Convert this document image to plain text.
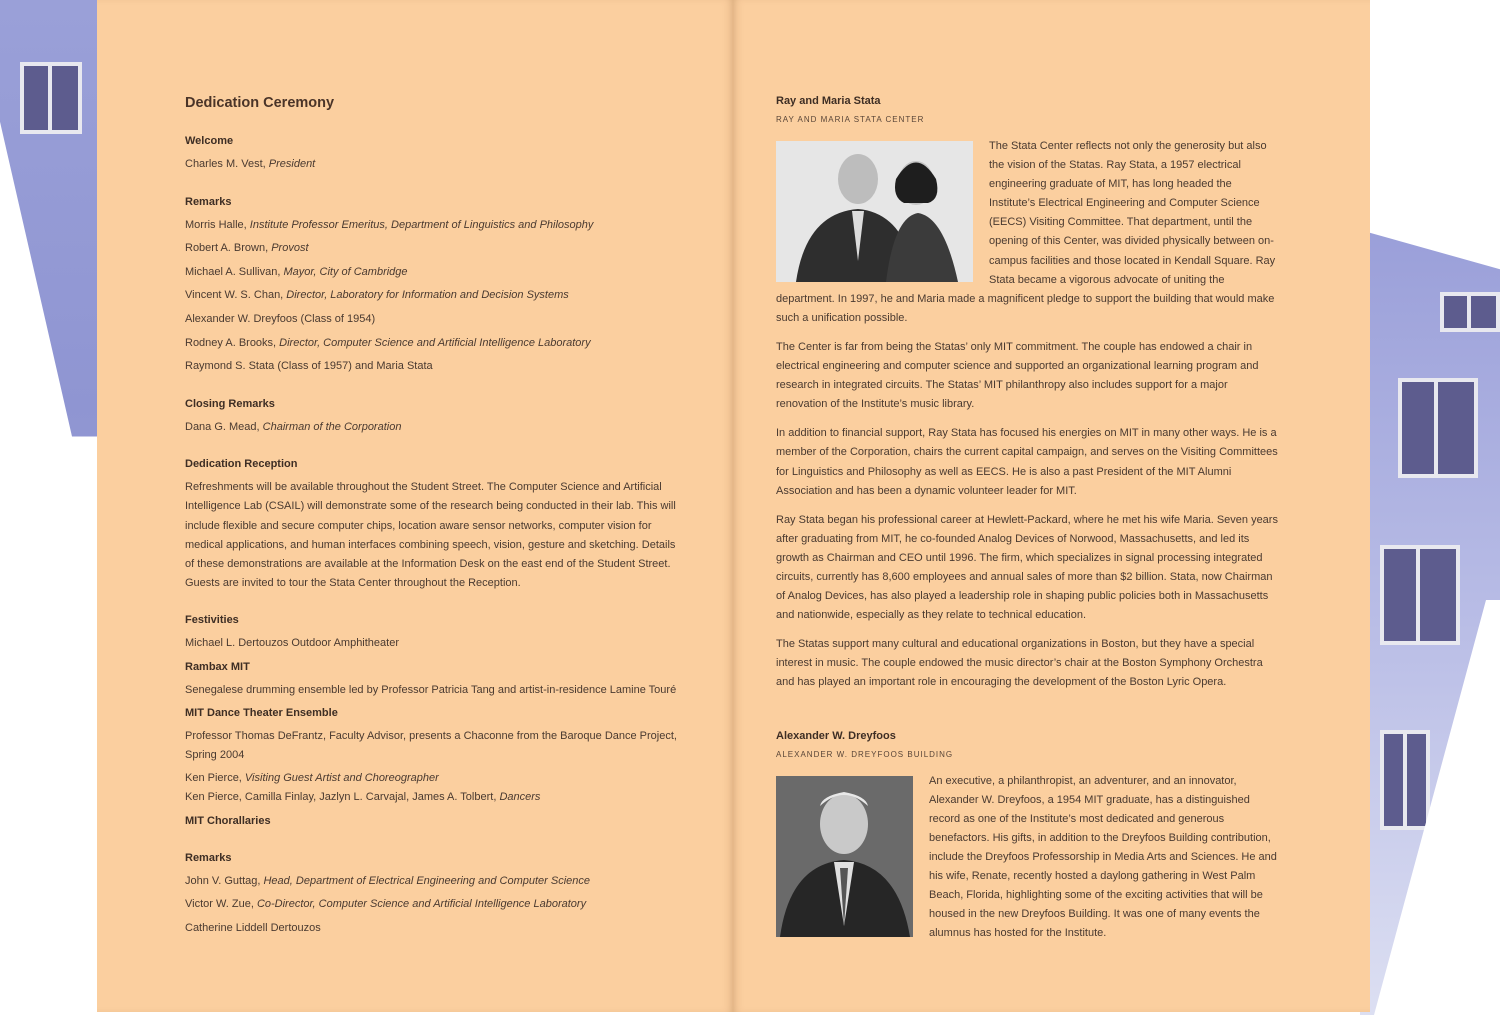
Dedication Ceremony
Welcome
Charles M. Vest, President
Remarks
Morris Halle, Institute Professor Emeritus, Department of Linguistics and Philosophy
Robert A. Brown, Provost
Michael A. Sullivan, Mayor, City of Cambridge
Vincent W. S. Chan, Director, Laboratory for Information and Decision Systems
Alexander W. Dreyfoos (Class of 1954)
Rodney A. Brooks, Director, Computer Science and Artificial Intelligence Laboratory
Raymond S. Stata (Class of 1957) and Maria Stata
Closing Remarks
Dana G. Mead, Chairman of the Corporation
Dedication Reception

Refreshments will be available throughout the Student Street. The Computer Science and Artificial Intelligence Lab (CSAIL) will demonstrate some of the research being conducted in their lab. This will include flexible and secure computer chips, location aware sensor networks, computer vision for medical applications, and human interfaces combining speech, vision, gesture and sketching. Details of these demonstrations are available at the Information Desk on the east end of the Student Street. Guests are invited to tour the Stata Center throughout the Reception.

Festivities
Michael L. Dertouzos Outdoor Amphitheater
Rambax MIT
Senegalese drumming ensemble led by Professor Patricia Tang and artist-in-residence Lamine Touré
MIT Dance Theater Ensemble
Professor Thomas DeFrantz, Faculty Advisor, presents a Chaconne from the Baroque Dance Project, Spring 2004
Ken Pierce, Visiting Guest Artist and Choreographer
Ken Pierce, Camilla Finlay, Jazlyn L. Carvajal, James A. Tolbert, Dancers
MIT Chorallaries
Remarks
John V. Guttag, Head, Department of Electrical Engineering and Computer Science
Victor W. Zue, Co-Director, Computer Science and Artificial Intelligence Laboratory
Catherine Liddell Dertouzos
Ray and Maria Stata
RAY AND MARIA STATA CENTER

The Stata Center reflects not only the generosity but also the vision of the Statas. Ray Stata, a 1957 electrical engineering graduate of MIT, has long headed the Institute’s Electrical Engineering and Computer Science (EECS) Visiting Committee. That department, until the opening of this Center, was divided physically between on-campus facilities and those located in Kendall Square. Ray Stata became a vigorous advocate of uniting the department. In 1997, he and Maria made a magnificent pledge to support the building that would make such a unification possible.

The Center is far from being the Statas’ only MIT commitment. The couple has endowed a chair in electrical engineering and computer science and supported an organizational learning program and research in integrated circuits. The Statas’ MIT philanthropy also includes support for a major renovation of the Institute’s music library.

In addition to financial support, Ray Stata has focused his energies on MIT in many other ways. He is a member of the Corporation, chairs the current capital campaign, and serves on the Visiting Committees for Linguistics and Philosophy as well as EECS. He is also a past President of the MIT Alumni Association and has been a dynamic volunteer leader for MIT.

Ray Stata began his professional career at Hewlett-Packard, where he met his wife Maria. Seven years after graduating from MIT, he co-founded Analog Devices of Norwood, Massachusetts, and led its growth as Chairman and CEO until 1996. The firm, which specializes in signal processing integrated circuits, currently has 8,600 employees and annual sales of more than $2 billion. Stata, now Chairman of Analog Devices, has also played a leadership role in shaping public policies both in Massachusetts and nationwide, especially as they relate to technical education.

The Statas support many cultural and educational organizations in Boston, but they have a special interest in music. The couple endowed the music director’s chair at the Boston Symphony Orchestra and has played an important role in encouraging the development of the Boston Lyric Opera.

Alexander W. Dreyfoos
ALEXANDER W. DREYFOOS BUILDING

An executive, a philanthropist, an adventurer, and an innovator, Alexander W. Dreyfoos, a 1954 MIT graduate, has a distinguished record as one of the Institute’s most dedicated and generous benefactors. His gifts, in addition to the Dreyfoos Building contribution, include the Dreyfoos Professorship in Media Arts and Sciences. He and his wife, Renate, recently hosted a daylong gathering in West Palm Beach, Florida, highlighting some of the exciting activities that will be housed in the new Dreyfoos Building. It was one of many events the alumnus has hosted for the Institute.
